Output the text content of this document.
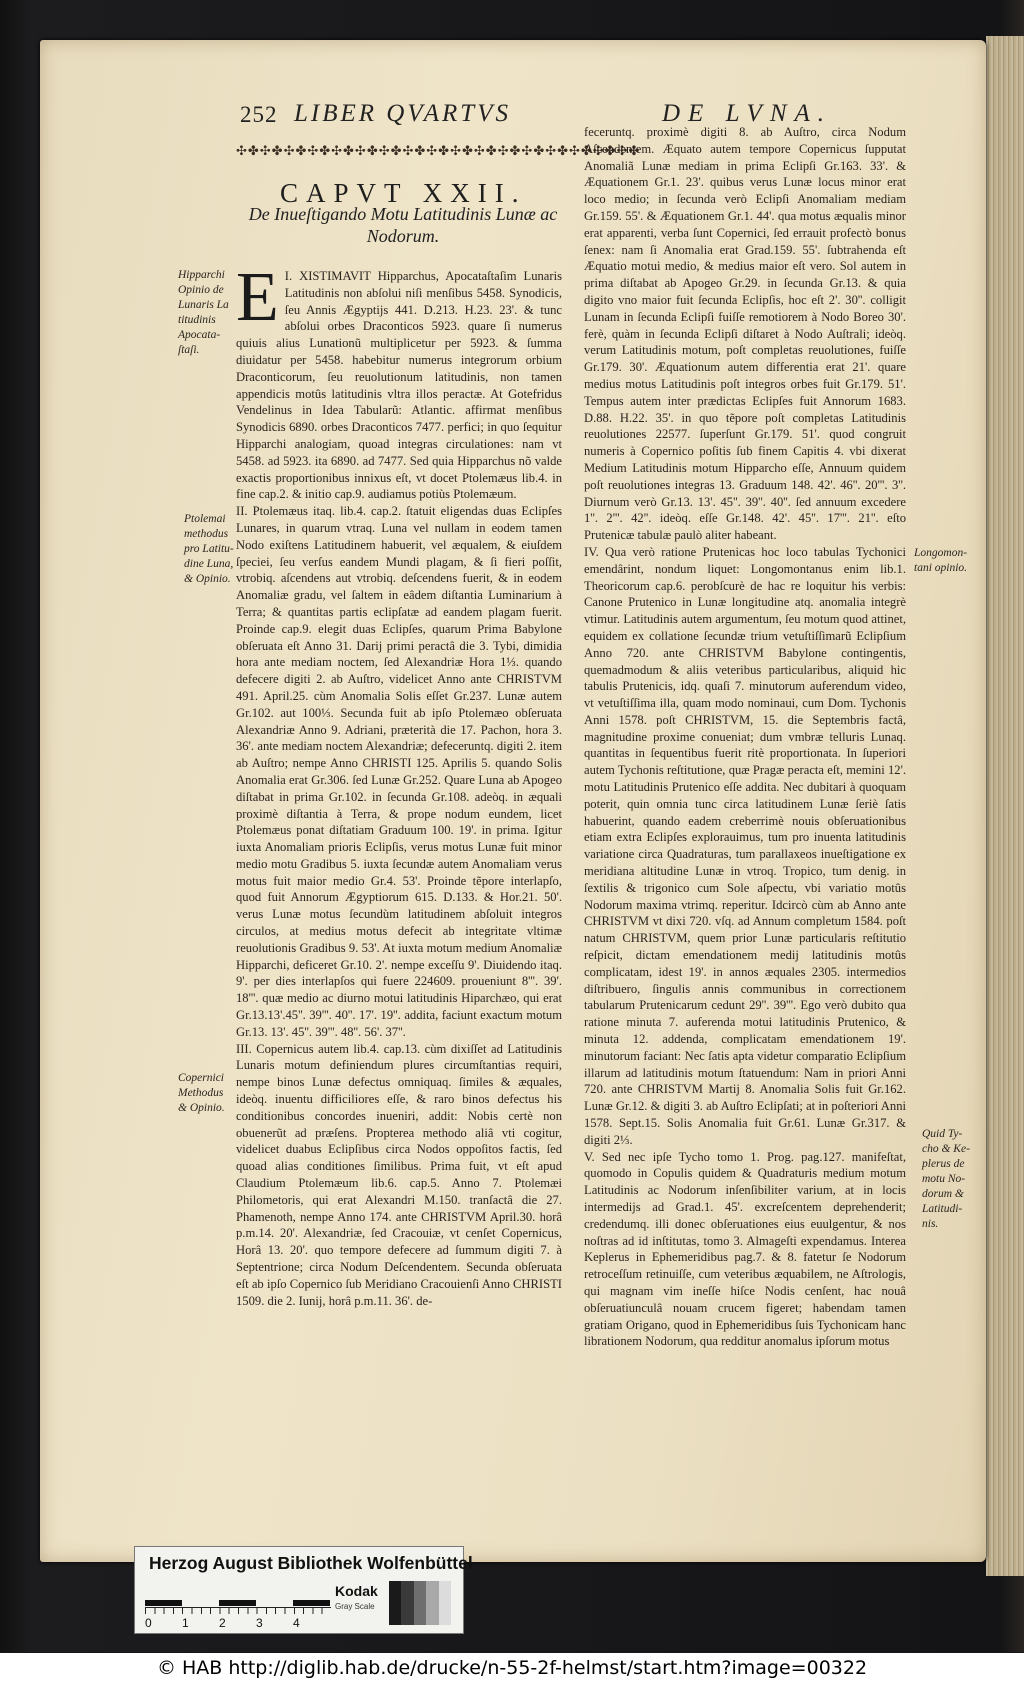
252 LIBER QVARTVS	DE LVNA.
✣✤✣✤✣✤✣✤✣✤✣✤✣✤✣✤✣✤✣✤✣✤✣✤✣✤✣✤✣✤✣✤✣✤
CAPVT XXII.
De Inueſtigando Motu Latitudinis Lunæ ac Nodorum.
Hipparchi Opinio de Lunaris La titudinis Apocata-ſtaſi.
Ptolemai methodus pro Latitu-dine Luna, & Opinio.
Copernici Methodus & Opinio.
Longomon-tani opinio.
Quid Ty-cho & Ke-plerus de motu No-dorum & Latitudi-nis.
E I. XISTIMAVIT Hipparchus, Apocataſtaſim Lunaris Latitudinis non abſolui niſi menſibus 5458. Synodicis, ſeu Annis Ægyptijs 441. D.213. H.23. 23'. & tunc abſolui orbes Draconticos 5923. quare ſi numerus quiuis alius Lunationũ multiplicetur per 5923. & ſumma diuidatur per 5458. habebitur numerus integrorum orbium Draconticorum, ſeu reuolutionum latitudinis, non tamen appendicis motûs latitudinis vltra illos peractæ. At Gotefridus Vendelinus in Idea Tabularũ: Atlantic. affirmat menſibus Synodicis 6890. orbes Draconticos 7477. perfici; in quo ſequitur Hipparchi analogiam, quoad integras circulationes: nam vt 5458. ad 5923. ita 6890. ad 7477. Sed quia Hipparchus nõ valde exactis proportionibus innixus eſt, vt docet Ptolemæus lib.4. in fine cap.2. & initio cap.9. audiamus potiùs Ptolemæum.

II. Ptolemæus itaq. lib.4. cap.2. ſtatuit eligendas duas Eclipſes Lunares, in quarum vtraq. Luna vel nullam in eodem tamen Nodo exiſtens Latitudinem habuerit, vel æqualem, & eiuſdem ſpeciei, ſeu verſus eandem Mundi plagam, & ſi fieri poſſit, vtrobiq. aſcendens aut vtrobiq. deſcendens fuerit, & in eodem Anomaliæ gradu, vel ſaltem in eâdem diſtantia Luminarium à Terra; & quantitas partis eclipſatæ ad eandem plagam fuerit. Proinde cap.9. elegit duas Eclipſes, quarum Prima Babylone obſeruata eſt Anno 31. Darij primi peractâ die 3. Tybi, dimidia hora ante mediam noctem, ſed Alexandriæ Hora 1⅓. quando defecere digiti 2. ab Auſtro, videlicet Anno ante CHRISTVM 491. April.25. cùm Anomalia Solis eſſet Gr.237. Lunæ autem Gr.102. aut 100⅓. Secunda fuit ab ipſo Ptolemæo obſeruata Alexandriæ Anno 9. Adriani, præterità die 17. Pachon, hora 3. 36'. ante mediam noctem Alexandriæ; defeceruntq. digiti 2. item ab Auſtro; nempe Anno CHRISTI 125. Aprilis 5. quando Solis Anomalia erat Gr.306. ſed Lunæ Gr.252. Quare Luna ab Apogeo diſtabat in prima Gr.102. in ſecunda Gr.108. adeòq. in æquali proximè diſtantia à Terra, & prope nodum eundem, licet Ptolemæus ponat diſtatiam Graduum 100. 19'. in prima. Igitur iuxta Anomaliam prioris Eclipſis, verus motus Lunæ fuit minor medio motu Gradibus 5. iuxta ſecundæ autem Anomaliam verus motus fuit maior medio Gr.4. 53'. Proinde tẽpore interlapſo, quod fuit Annorum Ægyptiorum 615. D.133. & Hor.21. 50'. verus Lunæ motus ſecundùm latitudinem abſoluit integros circulos, at medius motus defecit ab integritate vltimæ reuolutionis Gradibus 9. 53'. At iuxta motum medium Anomaliæ Hipparchi, deficeret Gr.10. 2'. nempe exceſſu 9'. Diuidendo itaq. 9'. per dies interlapſos qui fuere 224609. proueniunt 8'''. 39'. 18'''. quæ medio ac diurno motui latitudinis Hiparchæo, qui erat Gr.13.13'.45''. 39'''. 40''. 17'. 19''. addita, faciunt exactum motum Gr.13. 13'. 45''. 39'''. 48''. 56'. 37''.

III. Copernicus autem lib.4. cap.13. cùm dixiſſet ad Latitudinis Lunaris motum definiendum plures circumſtantias requiri, nempe binos Lunæ defectus omniquaq. ſimiles & æquales, ideòq. inuentu difficiliores eſſe, & raro binos defectus his conditionibus concordes inueniri, addit: Nobis certè non obuenerũt ad præſens. Propterea methodo aliâ vti cogitur, videlicet duabus Eclipſibus circa Nodos oppoſitos factis, ſed quoad alias conditiones ſimilibus. Prima fuit, vt eſt apud Claudium Ptolemæum lib.6. cap.5. Anno 7. Ptolemæi Philometoris, qui erat Alexandri M.150. tranſactâ die 27. Phamenoth, nempe Anno 174. ante CHRISTVM April.30. horâ p.m.14. 20'. Alexandriæ, ſed Cracouiæ, vt cenſet Copernicus, Horâ 13. 20'. quo tempore defecere ad ſummum digiti 7. à Septentrione; circa Nodum Deſcendentem. Secunda obſeruata eſt ab ipſo Copernico ſub Meridiano Cracouienſi Anno CHRISTI 1509. die 2. Iunij, horâ p.m.11. 36'. de-

feceruntq. proximè digiti 8. ab Auſtro, circa Nodum Aſcendentem. Æquato autem tempore Copernicus ſupputat Anomaliã Lunæ mediam in prima Eclipſi Gr.163. 33'. & Æquationem Gr.1. 23'. quibus verus Lunæ locus minor erat loco medio; in ſecunda verò Eclipſi Anomaliam mediam Gr.159. 55'. & Æquationem Gr.1. 44'. qua motus æqualis minor erat apparenti, verba ſunt Copernici, ſed errauit profectò bonus ſenex: nam ſi Anomalia erat Grad.159. 55'. ſubtrahenda eſt Æquatio motui medio, & medius maior eſt vero. Sol autem in prima diſtabat ab Apogeo Gr.29. in ſecunda Gr.13. & quia digito vno maior fuit ſecunda Eclipſis, hoc eſt 2'. 30''. colligit Lunam in ſecunda Eclipſi fuiſſe remotiorem à Nodo Boreo 30'. ferè, quàm in ſecunda Eclipſi diſtaret à Nodo Auſtrali; ideòq. verum Latitudinis motum, poſt completas reuolutiones, fuiſſe Gr.179. 30'. Æquationum autem differentia erat 21'. quare medius motus Latitudinis poſt integros orbes fuit Gr.179. 51'. Tempus autem inter prædictas Eclipſes fuit Annorum 1683. D.88. H.22. 35'. in quo tẽpore poſt completas Latitudinis reuolutiones 22577. ſuperſunt Gr.179. 51'. quod congruit numeris à Copernico poſitis ſub finem Capitis 4. vbi dixerat Medium Latitudinis motum Hipparcho eſſe, Annuum quidem poſt reuolutiones integras 13. Graduum 148. 42'. 46''. 20'''. 3''. Diurnum verò Gr.13. 13'. 45''. 39''. 40''. ſed annuum excedere 1''. 2'''. 42''. ideòq. eſſe Gr.148. 42'. 45''. 17'''. 21''. eſto Prutenicæ tabulæ paulò aliter habeant.

IV. Qua verò ratione Prutenicas hoc loco tabulas Tychonici emendârint, nondum liquet: Longomontanus enim lib.1. Theoricorum cap.6. perobſcurè de hac re loquitur his verbis: Canone Prutenico in Lunæ longitudine atq. anomalia integrè vtimur. Latitudinis autem argumentum, ſeu motum quod attinet, equidem ex collatione ſecundæ trium vetuſtiſſimarũ Eclipſium Anno 720. ante CHRISTVM Babylone contingentis, quemadmodum & aliis veteribus particularibus, aliquid hic tabulis Prutenicis, idq. quaſi 7. minutorum auferendum video, vt vetuſtiſſima illa, quam modo nominaui, cum Dom. Tychonis Anni 1578. poſt CHRISTVM, 15. die Septembris factâ, magnitudine proxime conueniat; dum vmbræ telluris Lunaq. quantitas in ſequentibus fuerit ritè proportionata. In ſuperiori autem Tychonis reſtitutione, quæ Pragæ peracta eſt, memini 12'. motu Latitudinis Prutenico eſſe addita. Nec dubitari à quoquam poterit, quin omnia tunc circa latitudinem Lunæ ſeriè ſatis habuerint, quando eadem creberrimè nouis obſeruationibus etiam extra Eclipſes explorauimus, tum pro inuenta latitudinis variatione circa Quadraturas, tum parallaxeos inueſtigatione ex meridiana altitudine Lunæ in vtroq. Tropico, tum denig. in ſextilis & trigonico cum Sole aſpectu, vbi variatio motûs Nodorum maxima vtrimq. reperitur. Idcircò cùm ab Anno ante CHRISTVM vt dixi 720. vſq. ad Annum completum 1584. poſt natum CHRISTVM, quem prior Lunæ particularis reſtitutio reſpicit, dictam emendationem medij latitudinis motûs complicatam, idest 19'. in annos æquales 2305. intermedios diſtribuero, ſingulis annis communibus in correctionem tabularum Prutenicarum cedunt 29''. 39'''. Ego verò dubito qua ratione minuta 7. auferenda motui latitudinis Prutenico, & minuta 12. addenda, complicatam emendationem 19'. minutorum faciant: Nec ſatis apta videtur comparatio Eclipſium illarum ad latitudinis motum ſtatuendum: Nam in priori Anni 720. ante CHRISTVM Martij 8. Anomalia Solis fuit Gr.162. Lunæ Gr.12. & digiti 3. ab Auſtro Eclipſati; at in poſteriori Anni 1578. Sept.15. Solis Anomalia fuit Gr.61. Lunæ Gr.317. & digiti 2⅓.

V. Sed nec ipſe Tycho tomo 1. Prog. pag.127. manifeſtat, quomodo in Copulis quidem & Quadraturis medium motum Latitudinis ac Nodorum inſenſibiliter varium, at in locis intermedijs ad Grad.1. 45'. excreſcentem deprehenderit; credendumq. illi donec obſeruationes eius euulgentur, & nos noſtras ad id inſtitutas, tomo 3. Almageſti expendamus. Interea Keplerus in Ephemeridibus pag.7. & 8. fatetur ſe Nodorum retroceſſum retinuiſſe, cum veteribus æquabilem, ne Aſtrologis, qui magnam vim ineſſe hiſce Nodis cenſent, hac nouâ obſeruatiunculâ nouam crucem figeret; habendam tamen gratiam Origano, quod in Ephemeridibus ſuis Tychonicam hanc librationem Nodorum, qua redditur anomalus ipſorum motus

Herzog August Bibliothek Wolfenbüttel
Kodak
Gray Scale
0	1	2	3	4
© HAB http://diglib.hab.de/drucke/n-55-2f-helmst/start.htm?image=00322
